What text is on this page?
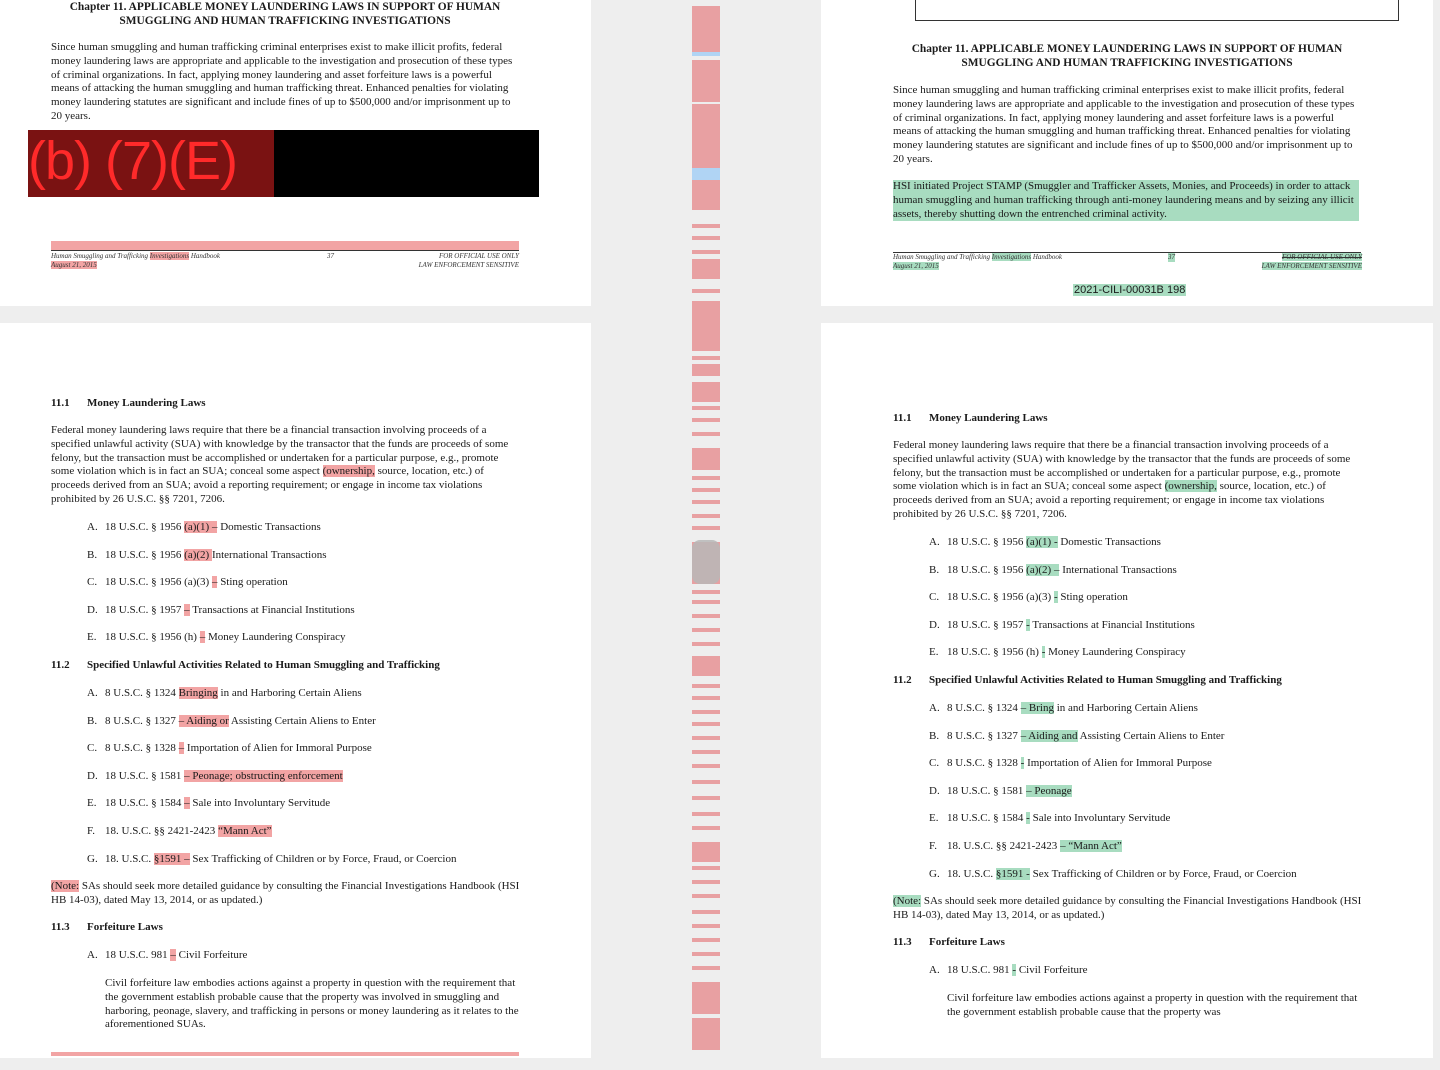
Chapter 11. APPLICABLE MONEY LAUNDERING LAWS IN SUPPORT OF HUMAN
SMUGGLING AND HUMAN TRAFFICKING INVESTIGATIONS
Since human smuggling and human trafficking criminal enterprises exist to make illicit profits, federal money laundering laws are appropriate and applicable to the investigation and prosecution of these types of criminal organizations. In fact, applying money laundering and asset forfeiture laws is a powerful means of attacking the human smuggling and human trafficking threat. Enhanced penalties for violating money laundering statutes are significant and include fines of up to $500,000 and/or imprisonment up to 20 years.
(b) (7)(E)
Human Smuggling and Trafficking Investigations Handbook
August 21, 2015
37	FOR OFFICIAL USE ONLY
LAW ENFORCEMENT SENSITIVE
11.1 Money Laundering Laws
Federal money laundering laws require that there be a financial transaction involving proceeds of a specified unlawful activity (SUA) with knowledge by the transactor that the funds are proceeds of some felony, but the transaction must be accomplished or undertaken for a particular purpose, e.g., promote some violation which is in fact an SUA; conceal some aspect (ownership, source, location, etc.) of proceeds derived from an SUA; avoid a reporting requirement; or engage in income tax violations prohibited by 26 U.S.C. §§ 7201, 7206.
A. 18 U.S.C. § 1956 (a)(1) – Domestic Transactions
B. 18 U.S.C. § 1956 (a)(2) International Transactions
C. 18 U.S.C. § 1956 (a)(3) – Sting operation
D. 18 U.S.C. § 1957 – Transactions at Financial Institutions
E. 18 U.S.C. § 1956 (h) – Money Laundering Conspiracy
11.2 Specified Unlawful Activities Related to Human Smuggling and Trafficking
A. 8 U.S.C. § 1324 Bringing in and Harboring Certain Aliens
B. 8 U.S.C. § 1327 – Aiding or Assisting Certain Aliens to Enter
C. 8 U.S.C. § 1328 – Importation of Alien for Immoral Purpose
D. 18 U.S.C. § 1581 – Peonage; obstructing enforcement
E. 18 U.S.C. § 1584 – Sale into Involuntary Servitude
F. 18. U.S.C. §§ 2421-2423 “Mann Act”
G. 18. U.S.C. §1591 – Sex Trafficking of Children or by Force, Fraud, or Coercion
(Note: SAs should seek more detailed guidance by consulting the Financial Investigations Handbook (HSI HB 14-03), dated May 13, 2014, or as updated.)
11.3 Forfeiture Laws
A. 18 U.S.C. 981 – Civil Forfeiture
Civil forfeiture law embodies actions against a property in question with the requirement that the government establish probable cause that the property was involved in smuggling and harboring, peonage, slavery, and trafficking in persons or money laundering as it relates to the aforementioned SUAs.
Chapter 11. APPLICABLE MONEY LAUNDERING LAWS IN SUPPORT OF HUMAN
SMUGGLING AND HUMAN TRAFFICKING INVESTIGATIONS
Since human smuggling and human trafficking criminal enterprises exist to make illicit profits, federal money laundering laws are appropriate and applicable to the investigation and prosecution of these types of criminal organizations. In fact, applying money laundering and asset forfeiture laws is a powerful means of attacking the human smuggling and human trafficking threat. Enhanced penalties for violating money laundering statutes are significant and include fines of up to $500,000 and/or imprisonment up to 20 years.
HSI initiated Project STAMP (Smuggler and Trafficker Assets, Monies, and Proceeds) in order to attack human smuggling and human trafficking through anti-money laundering means and by seizing any illicit assets, thereby shutting down the entrenched criminal activity.
Human Smuggling and Trafficking Investigations Handbook
August 21, 2015
37	FOR OFFICIAL USE ONLY
LAW ENFORCEMENT SENSITIVE
11.1 Money Laundering Laws
Federal money laundering laws require that there be a financial transaction involving proceeds of a specified unlawful activity (SUA) with knowledge by the transactor that the funds are proceeds of some felony, but the transaction must be accomplished or undertaken for a particular purpose, e.g., promote some violation which is in fact an SUA; conceal some aspect (ownership, source, location, etc.) of proceeds derived from an SUA; avoid a reporting requirement; or engage in income tax violations prohibited by 26 U.S.C. §§ 7201, 7206.
A. 18 U.S.C. § 1956 (a)(1) - Domestic Transactions
B. 18 U.S.C. § 1956 (a)(2) – International Transactions
C. 18 U.S.C. § 1956 (a)(3) - Sting operation
D. 18 U.S.C. § 1957 - Transactions at Financial Institutions
E. 18 U.S.C. § 1956 (h) - Money Laundering Conspiracy
11.2 Specified Unlawful Activities Related to Human Smuggling and Trafficking
A. 8 U.S.C. § 1324 – Bring in and Harboring Certain Aliens
B. 8 U.S.C. § 1327 – Aiding and Assisting Certain Aliens to Enter
C. 8 U.S.C. § 1328 - Importation of Alien for Immoral Purpose
D. 18 U.S.C. § 1581 – Peonage
E. 18 U.S.C. § 1584 - Sale into Involuntary Servitude
F. 18. U.S.C. §§ 2421-2423 – “Mann Act”
G. 18. U.S.C. §1591 - Sex Trafficking of Children or by Force, Fraud, or Coercion
(Note: SAs should seek more detailed guidance by consulting the Financial Investigations Handbook (HSI HB 14-03), dated May 13, 2014, or as updated.)
11.3 Forfeiture Laws
A. 18 U.S.C. 981 - Civil Forfeiture
Civil forfeiture law embodies actions against a property in question with the requirement that the government establish probable cause that the property was
2021-CILI-00031B 198
